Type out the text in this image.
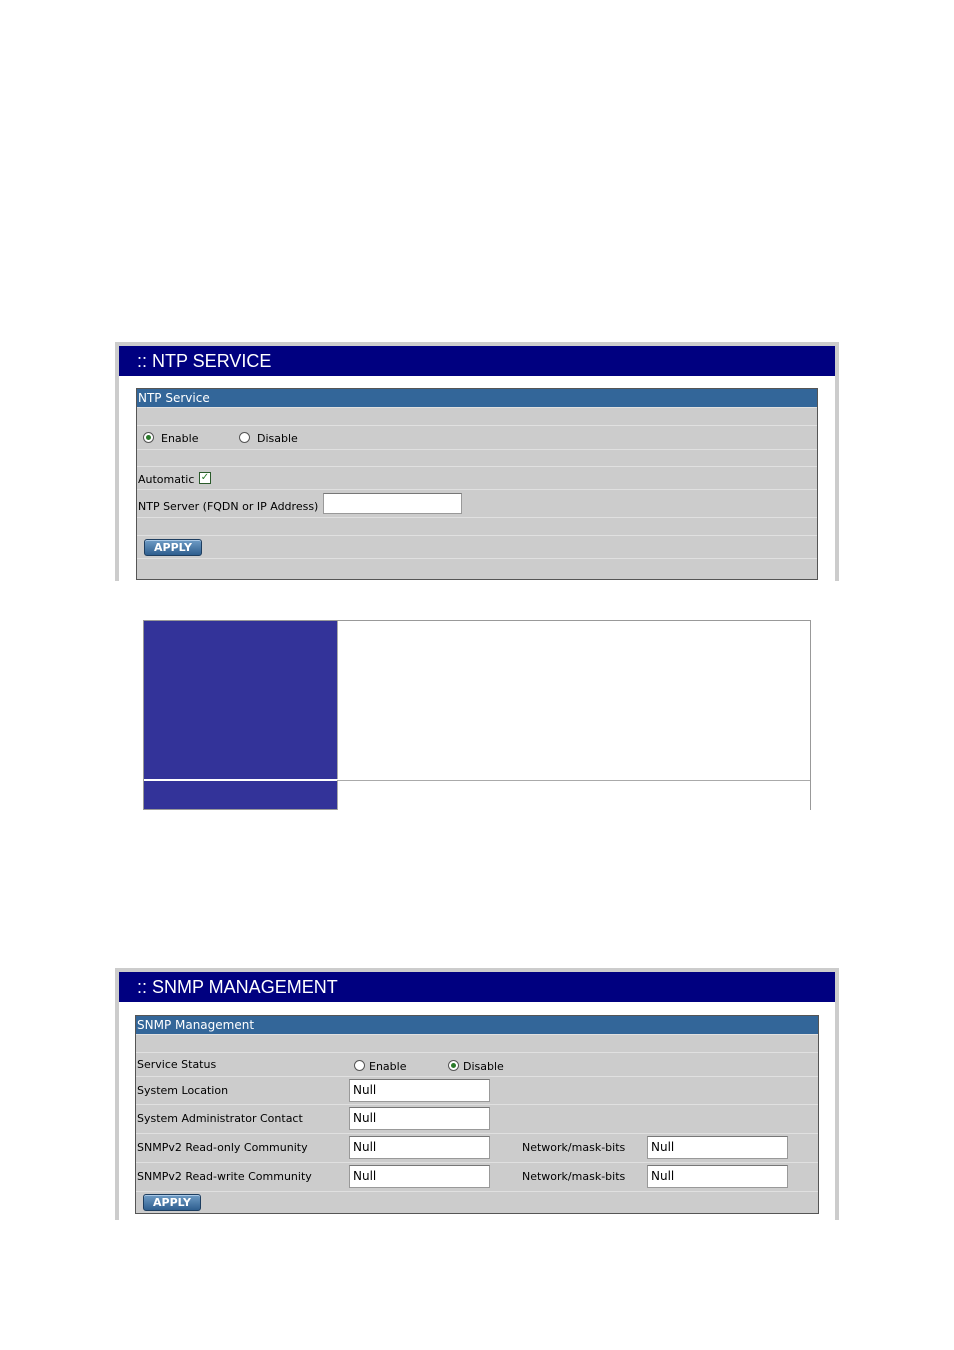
:: NTP SERVICE
NTP Service
Enable	Disable
Automatic ✓
NTP Server (FQDN or IP Address)
APPLY
:: SNMP MANAGEMENT
SNMP Management
Service Status	Enable	Disable
System Location	Null
System Administrator Contact	Null
SNMPv2 Read-only Community	Null	Network/mask-bits	Null
SNMPv2 Read-write Community	Null	Network/mask-bits	Null
APPLY
